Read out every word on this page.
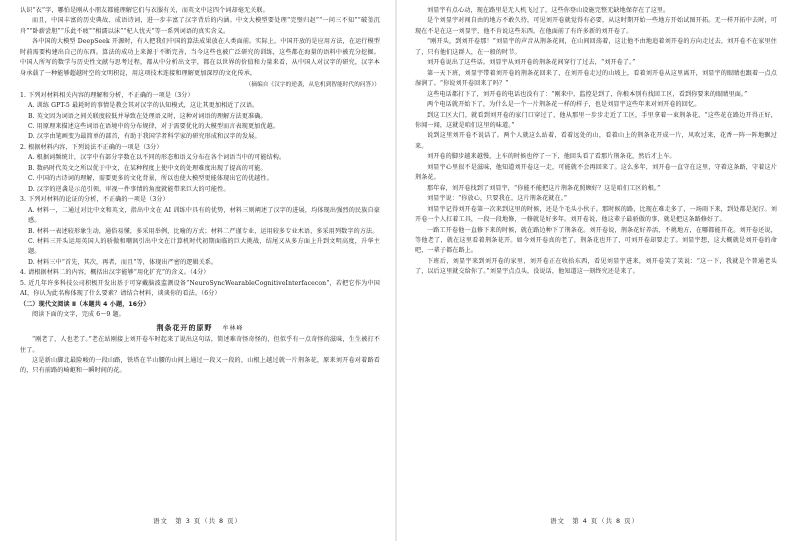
认识“衣”字，哪怕是刚从小朋友都能理解它们与衣服有关，而英文中这四个词却毫无关联。

而且，中国丰富的历史典故、成语诗词，进一步丰富了汉字背后的内涵。中文大模型要处理“完璧归赵”“一问三不知”“破釜沉舟”“卧薪尝胆”“乐此不疲”“相濡以沫”“杞人忧天”等一系列词语的真实含义。

各中国的大模型 DeepSeek 开源时，有人把我们中国的算法成果放在人类面前。实际上，中国开放的是应用方法，在运行模型时前需要构建出自己的东西。算法的成功上来源于不断完善，当今这些也被广泛研究的训练，这些都在海量的语料中被充分挖掘。中国人所写的数学与历史性文献与思考过程，都从中分析出文字，都在以世界的价值和力量来看，从中国人对汉字的研究，汉字本身承载了一种能够超越时空的文明积淀，用这项技术连接和理解更加深厚的文化传承。

（摘编自《汉字的逆袭，从危机到智能时代的问答》）

1. 下列对材料相关内容的理解和分析，不正确的一项是（3分）

A. 训练 GPT-5 最耗时的事情是教会其对汉字的认知模式，这让其更加相近了汉语。

B. 英文因为词语之间关联度较低并导致在处理语义时，这种对词语的理解方法更准确。

C. 用原理来描述这些词语在语境中的分布规律，对于需要优化的大模型而言表现更加优越。

D. 汉字由笔画变为最简单的部首，有助于我国学者科学家的研究形成和汉字的发展。

2. 根据材料内容，下列说法不正确的一项是（3分）

A. 根据词频统计，汉字中有部分字数在以不同的形态和语义分布在各个词语当中的可能结构。

B. 数码时代英文之所以优于中文，在某种程度上使中文的处理难度出现了提高的可能。

C. 中国的古诗词的理解，需要更多的文化背景，所以也使大模型更能体现出它的优越性。

D. 汉字的逆袭是示范引领，审视一件事情的角度就能带来巨大的可能性。

3. 下列对材料的论证的分析，不正确的一项是（3分）

A. 材料一，二通过对比中文和英文，指出中文在 AI 训练中具有的优势，材料三则阐述了汉字的进展，均体现出强烈的民族自豪感。

B. 材料一表述较形象生动，通俗易懂，多采用举例、比喻的方式；材料二严谨专业，运用较多专业术语，多采用列数字的方法。

C. 材料三开头运用英国人的骄傲和嘲讽引出中文在计算机时代初期面临的巨大挑战，结尾又从多方面上升到文明高度，升华主题。

D. 材料三中“首先，其次，再者，而且”等，体现出严密的逻辑关系。

4. 请根据材料二的内容，概括出汉字能够“用化扩充”的含义。（4分）

5. 近几年许多科技公司积极开发出基于可穿戴脑波监测设备“NeuroSyncWearableCognitiveInterfacecon”，若把它作为中国AI，你认为此名称体现了什么要素？请结合材料，谈谈你的看法。（6分）

（二）现代文阅读 Ⅱ（本题共 4 小题，16分）

阅读下面的文字，完成 6～9 题。

荆条花开的原野 牟林峰

“刚老了，人也老了。”老在站刚接上刘开卷车时起来了说出这句话，简述难奇怪奇怪的，但似乎有一点奇怪的滋味，生生被打不住了。

这是新山脚北最险峻的一段山路，铁塔在半山腰的山间上通过一段又一段的，山根上越过就一片荆条花，原来刘开卷对着路看的，只有前路的崎岖和一瞬时间的花。

语文　 第 3 页（共 8 页）

刘显宇有点心动，现在路里是无人机飞过了，这些你登山设施完整无缺地保存在了这里。

是个刘显宇对闯自由的地方不敢久待，可见刘开卷就觉得有必要，从这时期开始一些地方开始试图开拓。无一样开拓中去时，可现在不是在这一刘显宇，他不肯说这些东西，在他面前了有许多新的刘开卷了。

“刚开头，到刘开卷那！”刘显宇的声音从荆条花间，在山间回荡着，这让他不由地追着刘开卷的方向走过去，刘开卷不在家里住了，只有他们这群人，在一般的时节。

刘开卷说出了这些话。刘显宇从刘开卷的荆条花间穿行了过去，“刘开卷了。”

第一天下班，刘显宇带着刘开卷的荆条花回来了，在刘开卷走过的山坡上，看着刘开卷从这里离开，刘显宇的眼睛也跟着一点点湿润了。“你说刘开卷回来了吗？”

这些电话都打下了，刘开卷的电话也没有了：“刚来中，监控是到了，你根本别有找回工区，看到你要来的眼睛里面。”

两个电话就开始下了，为什么是一个一片荆条花一样的样子，也是刘显宇这些年来对刘开卷的回忆。

到这工区大门，就看到刘开卷的家门口穿过了，他从那里一步步走近了工区，手里拿着一束荆条花，“这些花在路边开得正好，你闻一闻，这就是咱们这里的味道。”

说到这里刘开卷不说话了。两个人就这么站着，看着远处的山，看着山上的荆条花开成一片，风吹过来，花香一阵一阵地飘过来。

刘开卷的脚步越来越慢，上车的时候也停了一下，他回头看了看那片荆条花，然后才上车。

刘显宇心里很不是滋味，他知道刘开卷这一走，可能就不会再回来了。这么多年，刘开卷一直守在这里，守着这条路，守着这片荆条花。

那年春，刘开卷找到了刘显宇，“你能不能把这片荆条花照顾好？这是咱们工区的根。”

刘显宇说：“你放心，只要我在，这片荆条花就在。”

刘显宇记得刘开卷第一次来到这里的时候，还是个毛头小伙子。那时候的路，比现在难走多了，一场雨下来，到处都是泥泞。刘开卷一个人扛着工具，一段一段地修，一修就是好多年。刘开卷说，他这辈子最骄傲的事，就是把这条路修好了。

一路工开卷他一直修下来的时候，就在路边种下了荆条花。刘开卷说，荆条花好养活，不挑地方，在哪都能开花。刘开卷还说，等他老了，就在这里看着荆条花开。如今刘开卷真的老了，荆条花也开了，可刘开卷却要走了。刘显宇想，这大概就是刘开卷的命吧，一辈子都在路上。

下班后，刘显宇来到刘开卷的家里，刘开卷正在收拾东西，看见刘显宇进来，刘开卷笑了笑说：“这一下，我就是个普通老头了，以后这里就交给你了。”刘显宇点点头，没说话，他知道这一刻终究还是来了。

语文　 第 4 页（共 8 页）
